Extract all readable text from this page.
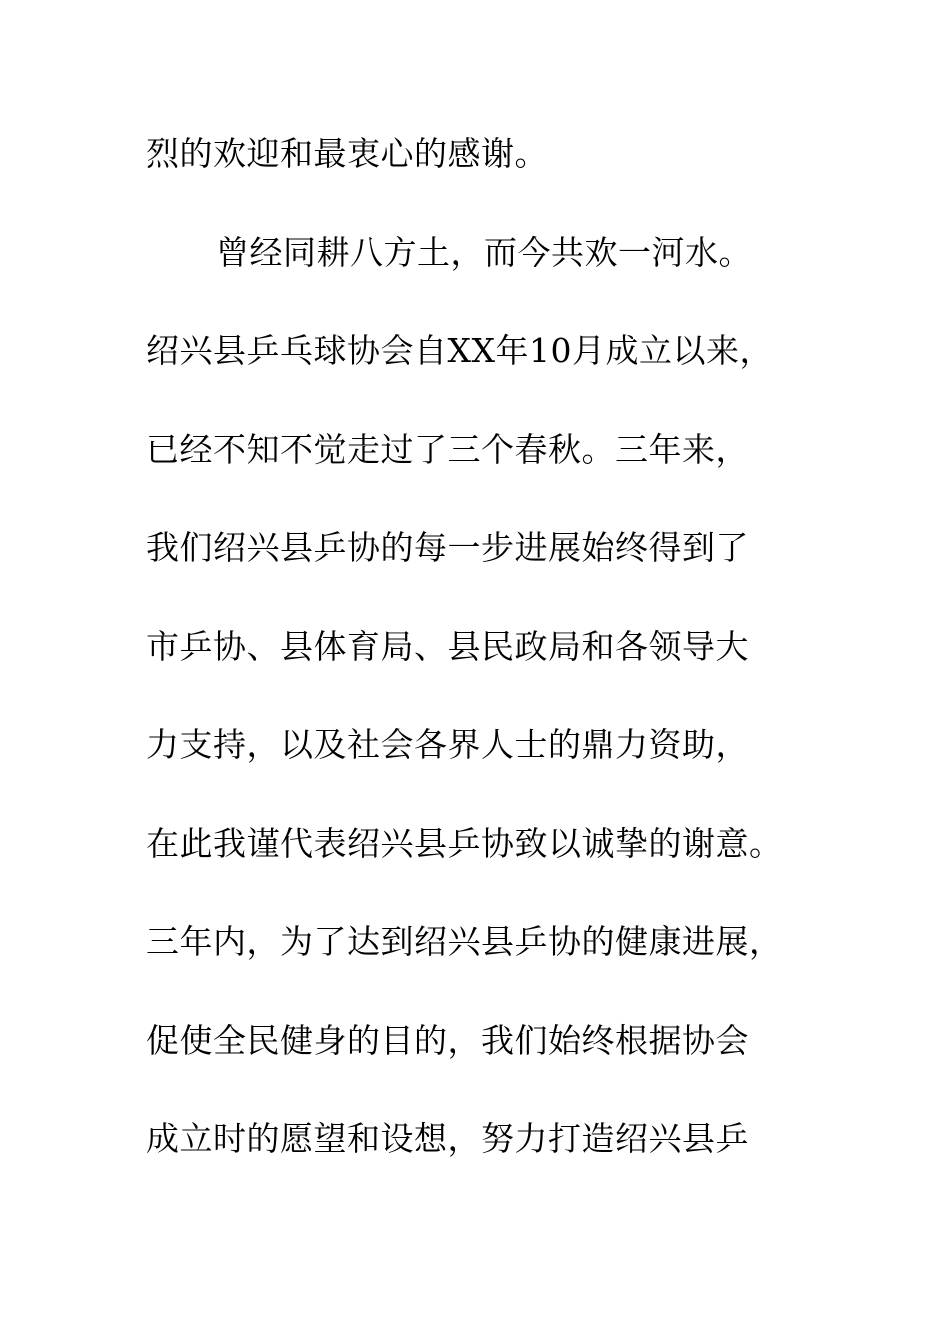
烈的欢迎和最衷心的感谢。
曾经同耕八方土，而今共欢一河水。
绍兴县乒乓球协会自XX年10月成立以来，
已经不知不觉走过了三个春秋。三年来，
我们绍兴县乒协的每一步进展始终得到了
市乒协、县体育局、县民政局和各领导大
力支持，以及社会各界人士的鼎力资助，
在此我谨代表绍兴县乒协致以诚挚的谢意。
三年内，为了达到绍兴县乒协的健康进展，
促使全民健身的目的，我们始终根据协会
成立时的愿望和设想，努力打造绍兴县乒
